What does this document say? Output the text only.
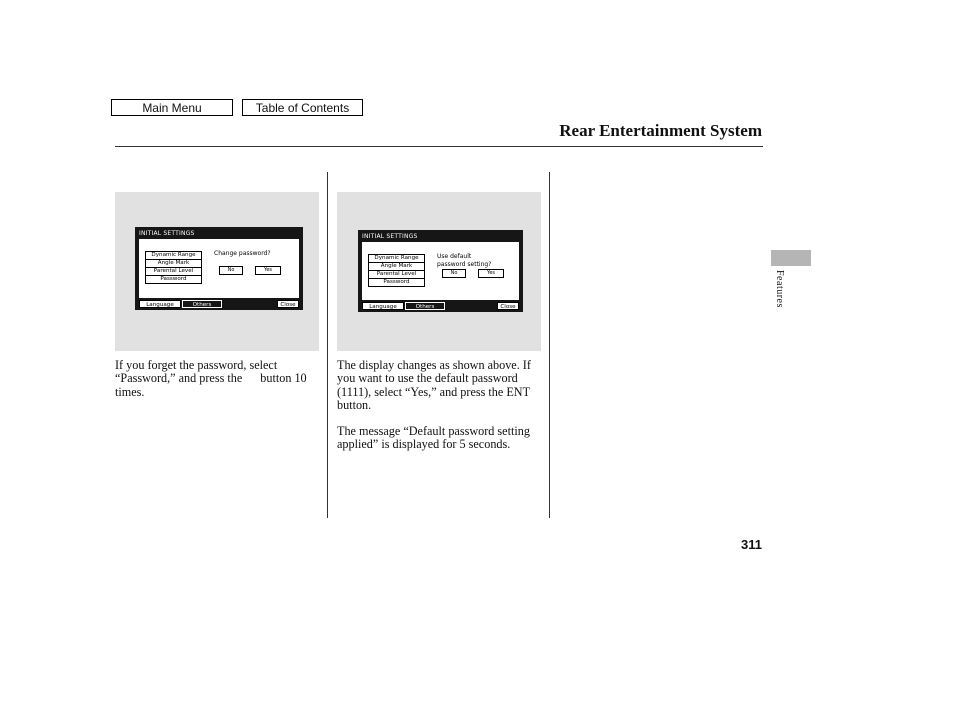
Main Menu	Table of Contents
Rear Entertainment System
INITIAL SETTINGS
Dynamic Range
Angle Mark
Parental Level
Password
Change password?
No	Yes
Language	Others	Close
INITIAL SETTINGS
Dynamic Range
Angle Mark
Parental Level
Password
Use default
password setting?
No	Yes
Language	Others	Close
If you forget the password, select “Password,” and press the button 10 times.
The display changes as shown above. If you want to use the default password (1111), select “Yes,” and press the ENT button.
The message “Default password setting applied” is displayed for 5 seconds.
Features
311
